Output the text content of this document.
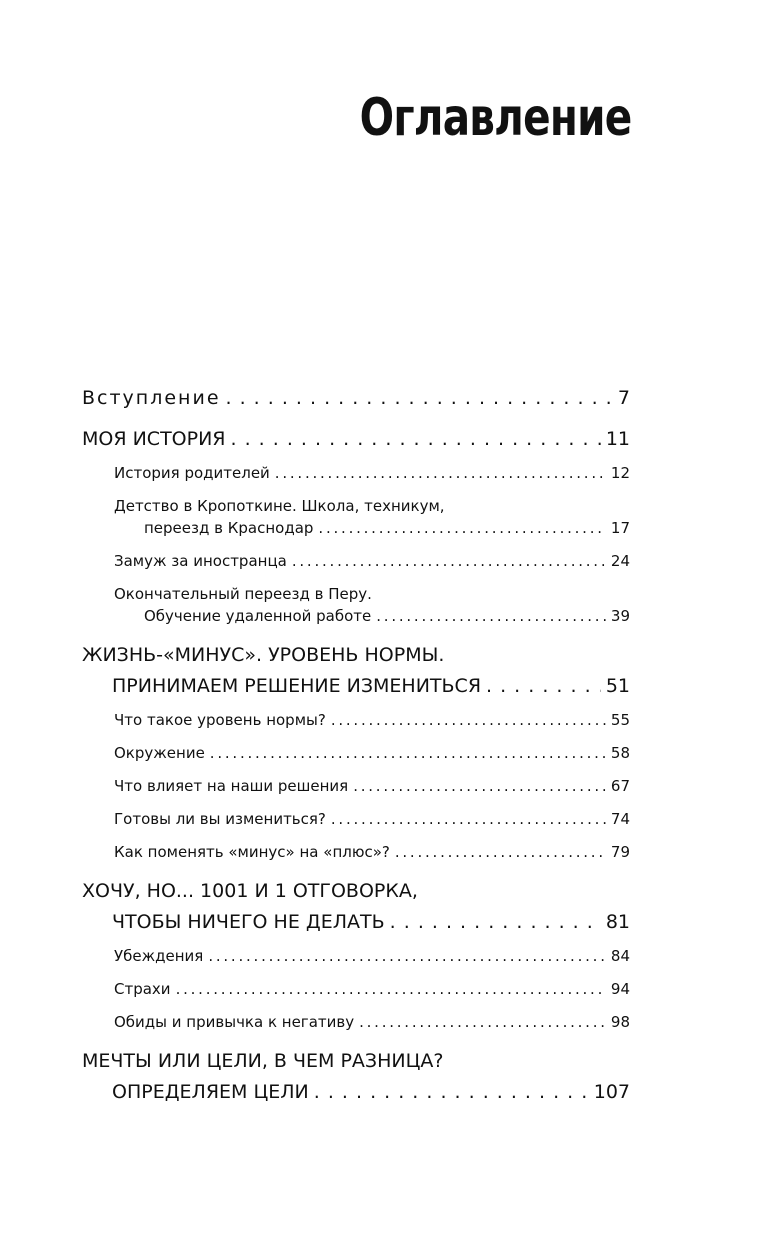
Оглавление
Вступление . . .	7
МОЯ ИСТОРИЯ . . .	11
История родителей . . .	12
Детство в Кропоткине. Школа, техникум,
переезд в Краснодар . . .	17
Замуж за иностранца . . .	24
Окончательный переезд в Перу.
Обучение удаленной работе . . .	39
ЖИЗНЬ-«МИНУС». УРОВЕНЬ НОРМЫ.
ПРИНИМАЕМ РЕШЕНИЕ ИЗМЕНИТЬСЯ . . .	51
Что такое уровень нормы? . . .	55
Окружение . . .	58
Что влияет на наши решения . . .	67
Готовы ли вы измениться? . . .	74
Как поменять «минус» на «плюс»? . . .	79
ХОЧУ, НО... 1001 И 1 ОТГОВОРКА,
ЧТОБЫ НИЧЕГО НЕ ДЕЛАТЬ . . .	81
Убеждения . . .	84
Страхи . . .	94
Обиды и привычка к негативу . . .	98
МЕЧТЫ ИЛИ ЦЕЛИ, В ЧЕМ РАЗНИЦА?
ОПРЕДЕЛЯЕМ ЦЕЛИ . . .	107
